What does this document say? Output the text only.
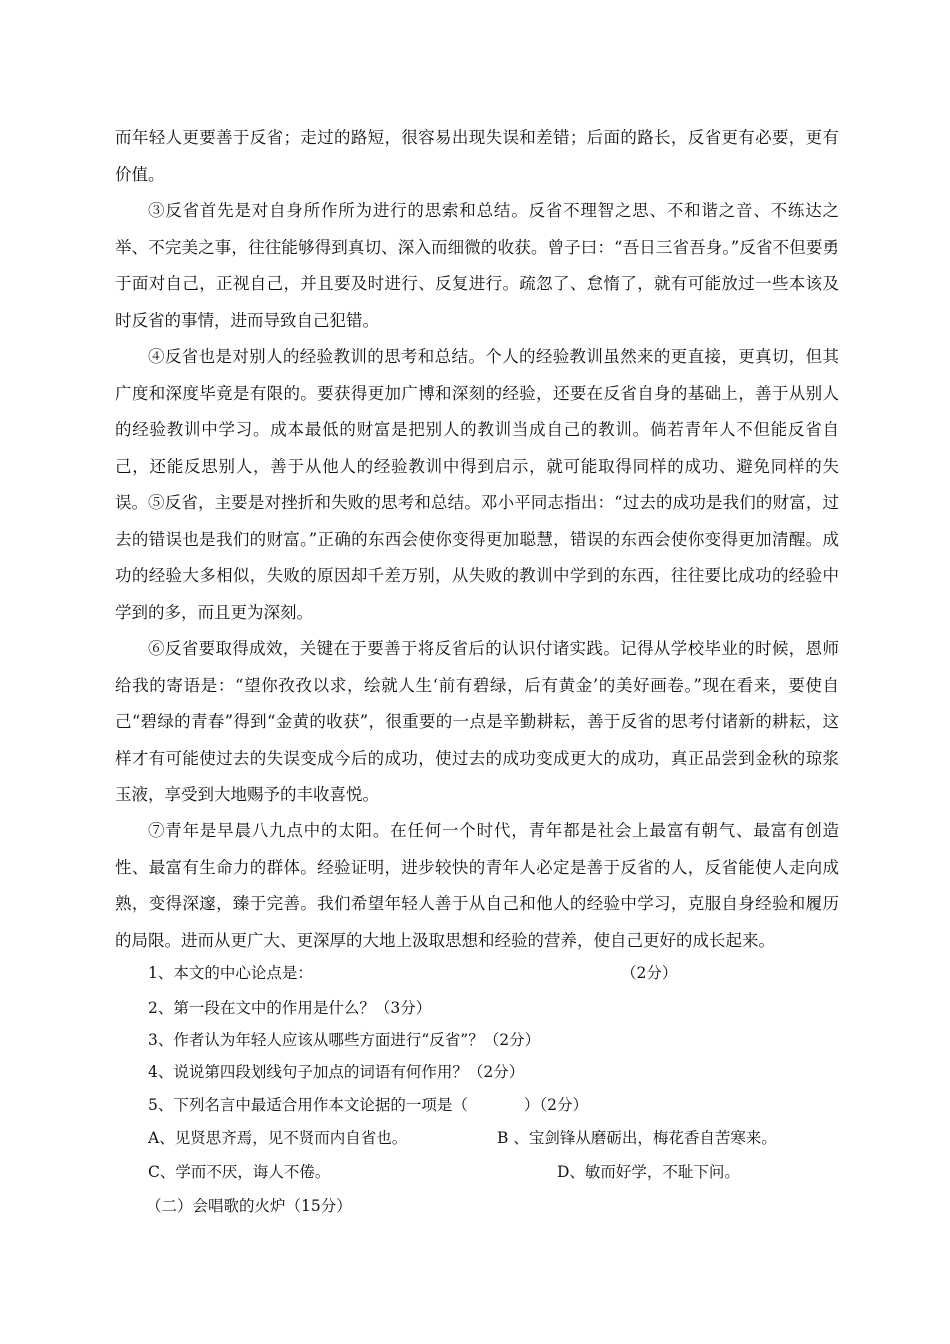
而年轻人更要善于反省；走过的路短，很容易出现失误和差错；后面的路长，反省更有必要，更有价值。

③反省首先是对自身所作所为进行的思索和总结。反省不理智之思、不和谐之音、不练达之举、不完美之事，往往能够得到真切、深入而细微的收获。曾子曰：“吾日三省吾身。”反省不但要勇于面对自己，正视自己，并且要及时进行、反复进行。疏忽了、怠惰了，就有可能放过一些本该及时反省的事情，进而导致自己犯错。

④反省也是对别人的经验教训的思考和总结。个人的经验教训虽然来的更直接，更真切，但其广度和深度毕竟是有限的。要获得更加广博和深刻的经验，还要在反省自身的基础上，善于从别人的经验教训中学习。成本最低的财富是把别人的教训当成自己的教训。倘若青年人不但能反省自己，还能反思别人，善于从他人的经验教训中得到启示，就可能取得同样的成功、避免同样的失误。 ⑤反省，主要是对挫折和失败的思考和总结。邓小平同志指出：“过去的成功是我们的财富，过去的错误也是我们的财富。”正确的东西会使你变得更加聪慧，错误的东西会使你变得更加清醒。成功的经验大多相似，失败的原因却千差万别，从失败的教训中学到的东西，往往要比成功的经验中学到的多，而且更为深刻。

⑥反省要取得成效，关键在于要善于将反省后的认识付诸实践。记得从学校毕业的时候，恩师给我的寄语是：“望你孜孜以求，绘就人生‘前有碧绿，后有黄金’的美好画卷。”现在看来，要使自己“碧绿的青春”得到“金黄的收获”，很重要的一点是辛勤耕耘，善于反省的思考付诸新的耕耘，这样才有可能使过去的失误变成今后的成功，使过去的成功变成更大的成功，真正品尝到金秋的琼浆玉液，享受到大地赐予的丰收喜悦。

⑦青年是早晨八九点中的太阳。在任何一个时代，青年都是社会上最富有朝气、最富有创造性、最富有生命力的群体。经验证明，进步较快的青年人必定是善于反省的人，反省能使人走向成熟，变得深邃，臻于完善。我们希望年轻人善于从自己和他人的经验中学习，克服自身经验和履历的局限。进而从更广大、更深厚的大地上汲取思想和经验的营养，使自己更好的成长起来。

1、本文的中心论点是：	（2分）
2、第一段在文中的作用是什么？（3分）
3、作者认为年轻人应该从哪些方面进行“反省”？（2分）
4、说说第四段划线句子加点的词语有何作用？（2分）
5、下列名言中最适合用作本文论据的一项是（	）（2分）
A、见贤思齐焉，见不贤而内自省也。	B 、宝剑锋从磨砺出，梅花香自苦寒来。
C、学而不厌，诲人不倦。	D、敏而好学，不耻下问。
（二）会唱歌的火炉（15分）
